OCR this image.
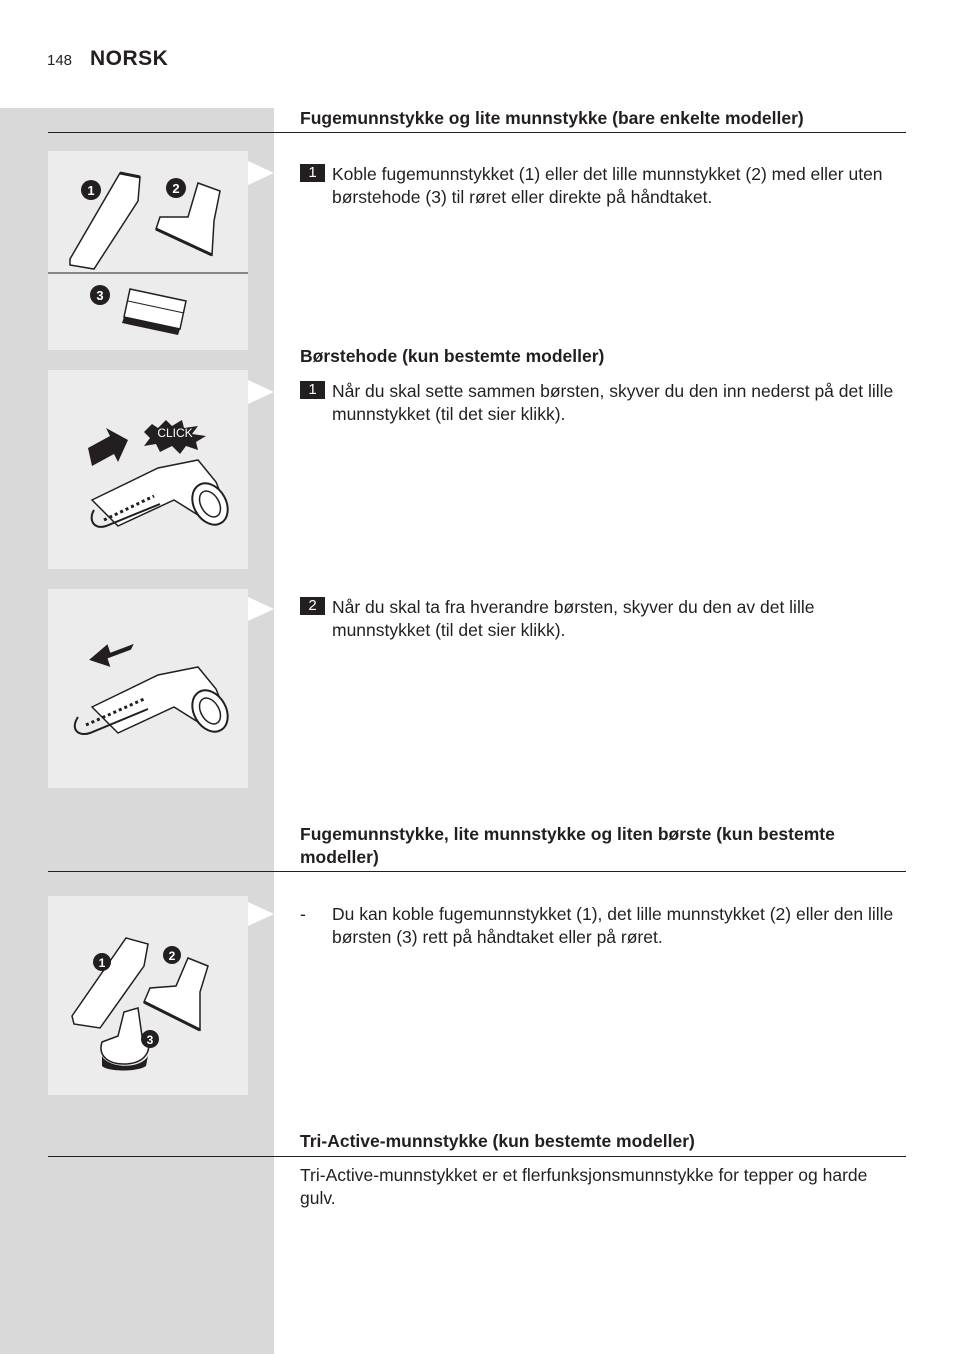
148 NORSK
Fugemunnstykke og lite munnstykke (bare enkelte modeller)
1	2
3
1 Koble fugemunnstykket (1) eller det lille munnstykket (2) med eller uten børstehode (3) til røret eller direkte på håndtaket.
Børstehode (kun bestemte modeller)
CLICK
1 Når du skal sette sammen børsten, skyver du den inn nederst på det lille munnstykket (til det sier klikk).
2 Når du skal ta fra hverandre børsten, skyver du den av det lille munnstykket (til det sier klikk).
Fugemunnstykke, lite munnstykke og liten børste (kun bestemte modeller)
1	2
3
- Du kan koble fugemunnstykket (1), det lille munnstykket (2) eller den lille børsten (3) rett på håndtaket eller på røret.
Tri-Active-munnstykke (kun bestemte modeller)
Tri-Active-munnstykket er et flerfunksjonsmunnstykke for tepper og harde gulv.
